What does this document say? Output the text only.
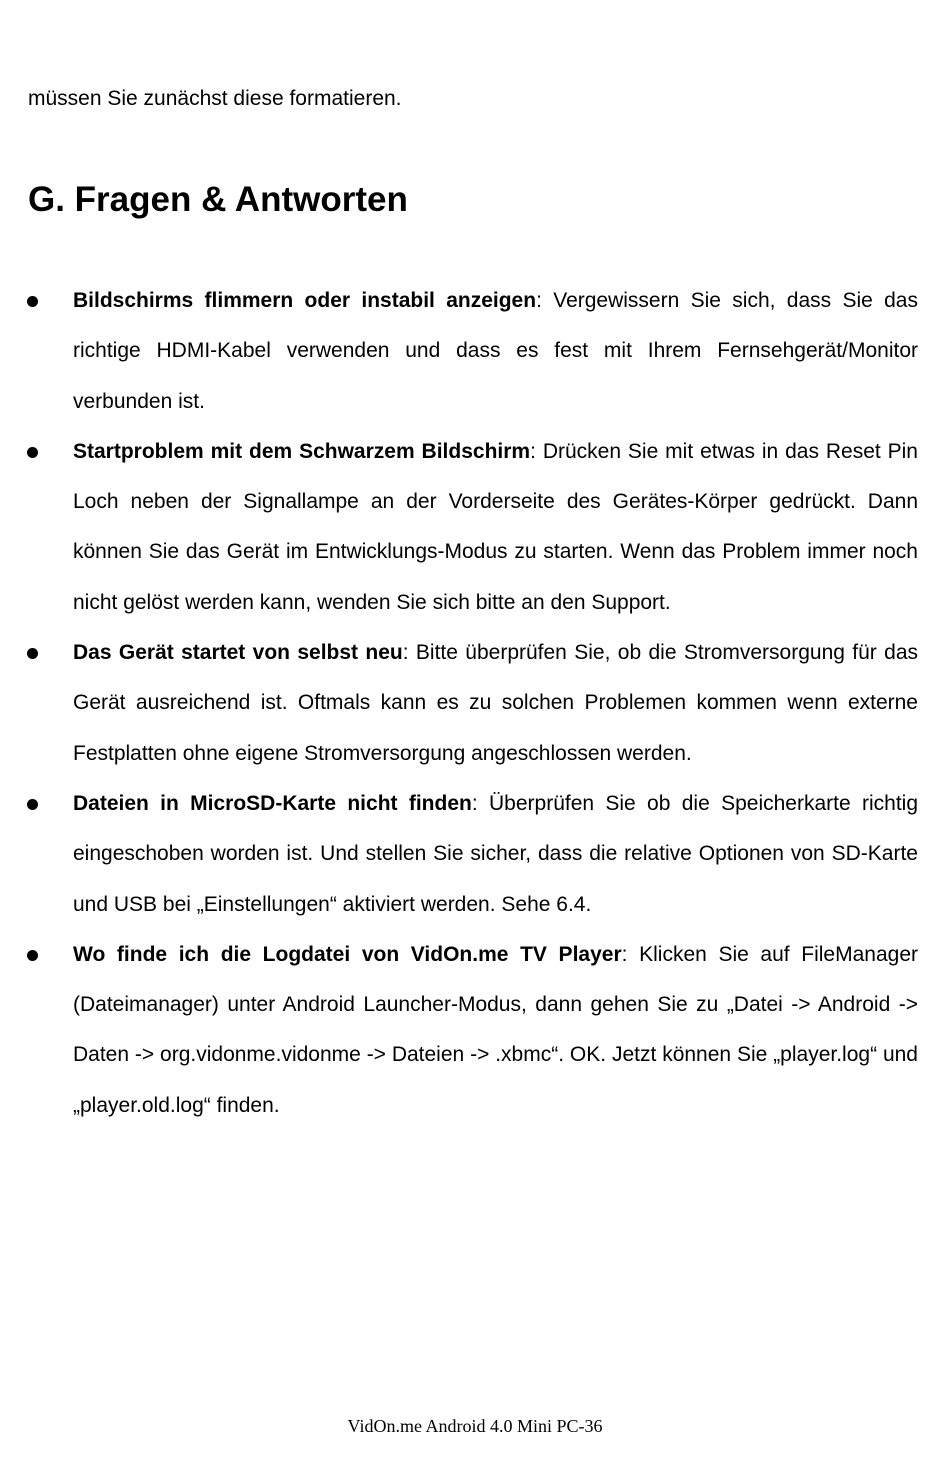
müssen Sie zunächst diese formatieren.

G. Fragen & Antworten
Bildschirms flimmern oder instabil anzeigen: Vergewissern Sie sich, dass Sie das richtige HDMI-Kabel verwenden und dass es fest mit Ihrem Fernsehgerät/Monitor verbunden ist.
Startproblem mit dem Schwarzem Bildschirm: Drücken Sie mit etwas in das Reset Pin Loch neben der Signallampe an der Vorderseite des Gerätes-Körper gedrückt. Dann können Sie das Gerät im Entwicklungs-Modus zu starten. Wenn das Problem immer noch nicht gelöst werden kann, wenden Sie sich bitte an den Support.
Das Gerät startet von selbst neu: Bitte überprüfen Sie, ob die Stromversorgung für das Gerät ausreichend ist. Oftmals kann es zu solchen Problemen kommen wenn externe Festplatten ohne eigene Stromversorgung angeschlossen werden.
Dateien in MicroSD-Karte nicht finden: Überprüfen Sie ob die Speicherkarte richtig eingeschoben worden ist. Und stellen Sie sicher, dass die relative Optionen von SD-Karte und USB bei „Einstellungen“ aktiviert werden. Sehe 6.4.
Wo finde ich die Logdatei von VidOn.me TV Player: Klicken Sie auf FileManager (Dateimanager) unter Android Launcher-Modus, dann gehen Sie zu „Datei -> Android -> Daten -> org.vidonme.vidonme -> Dateien -> .xbmc“. OK. Jetzt können Sie „player.log“ und „player.old.log“ finden.
VidOn.me Android 4.0 Mini PC-36
